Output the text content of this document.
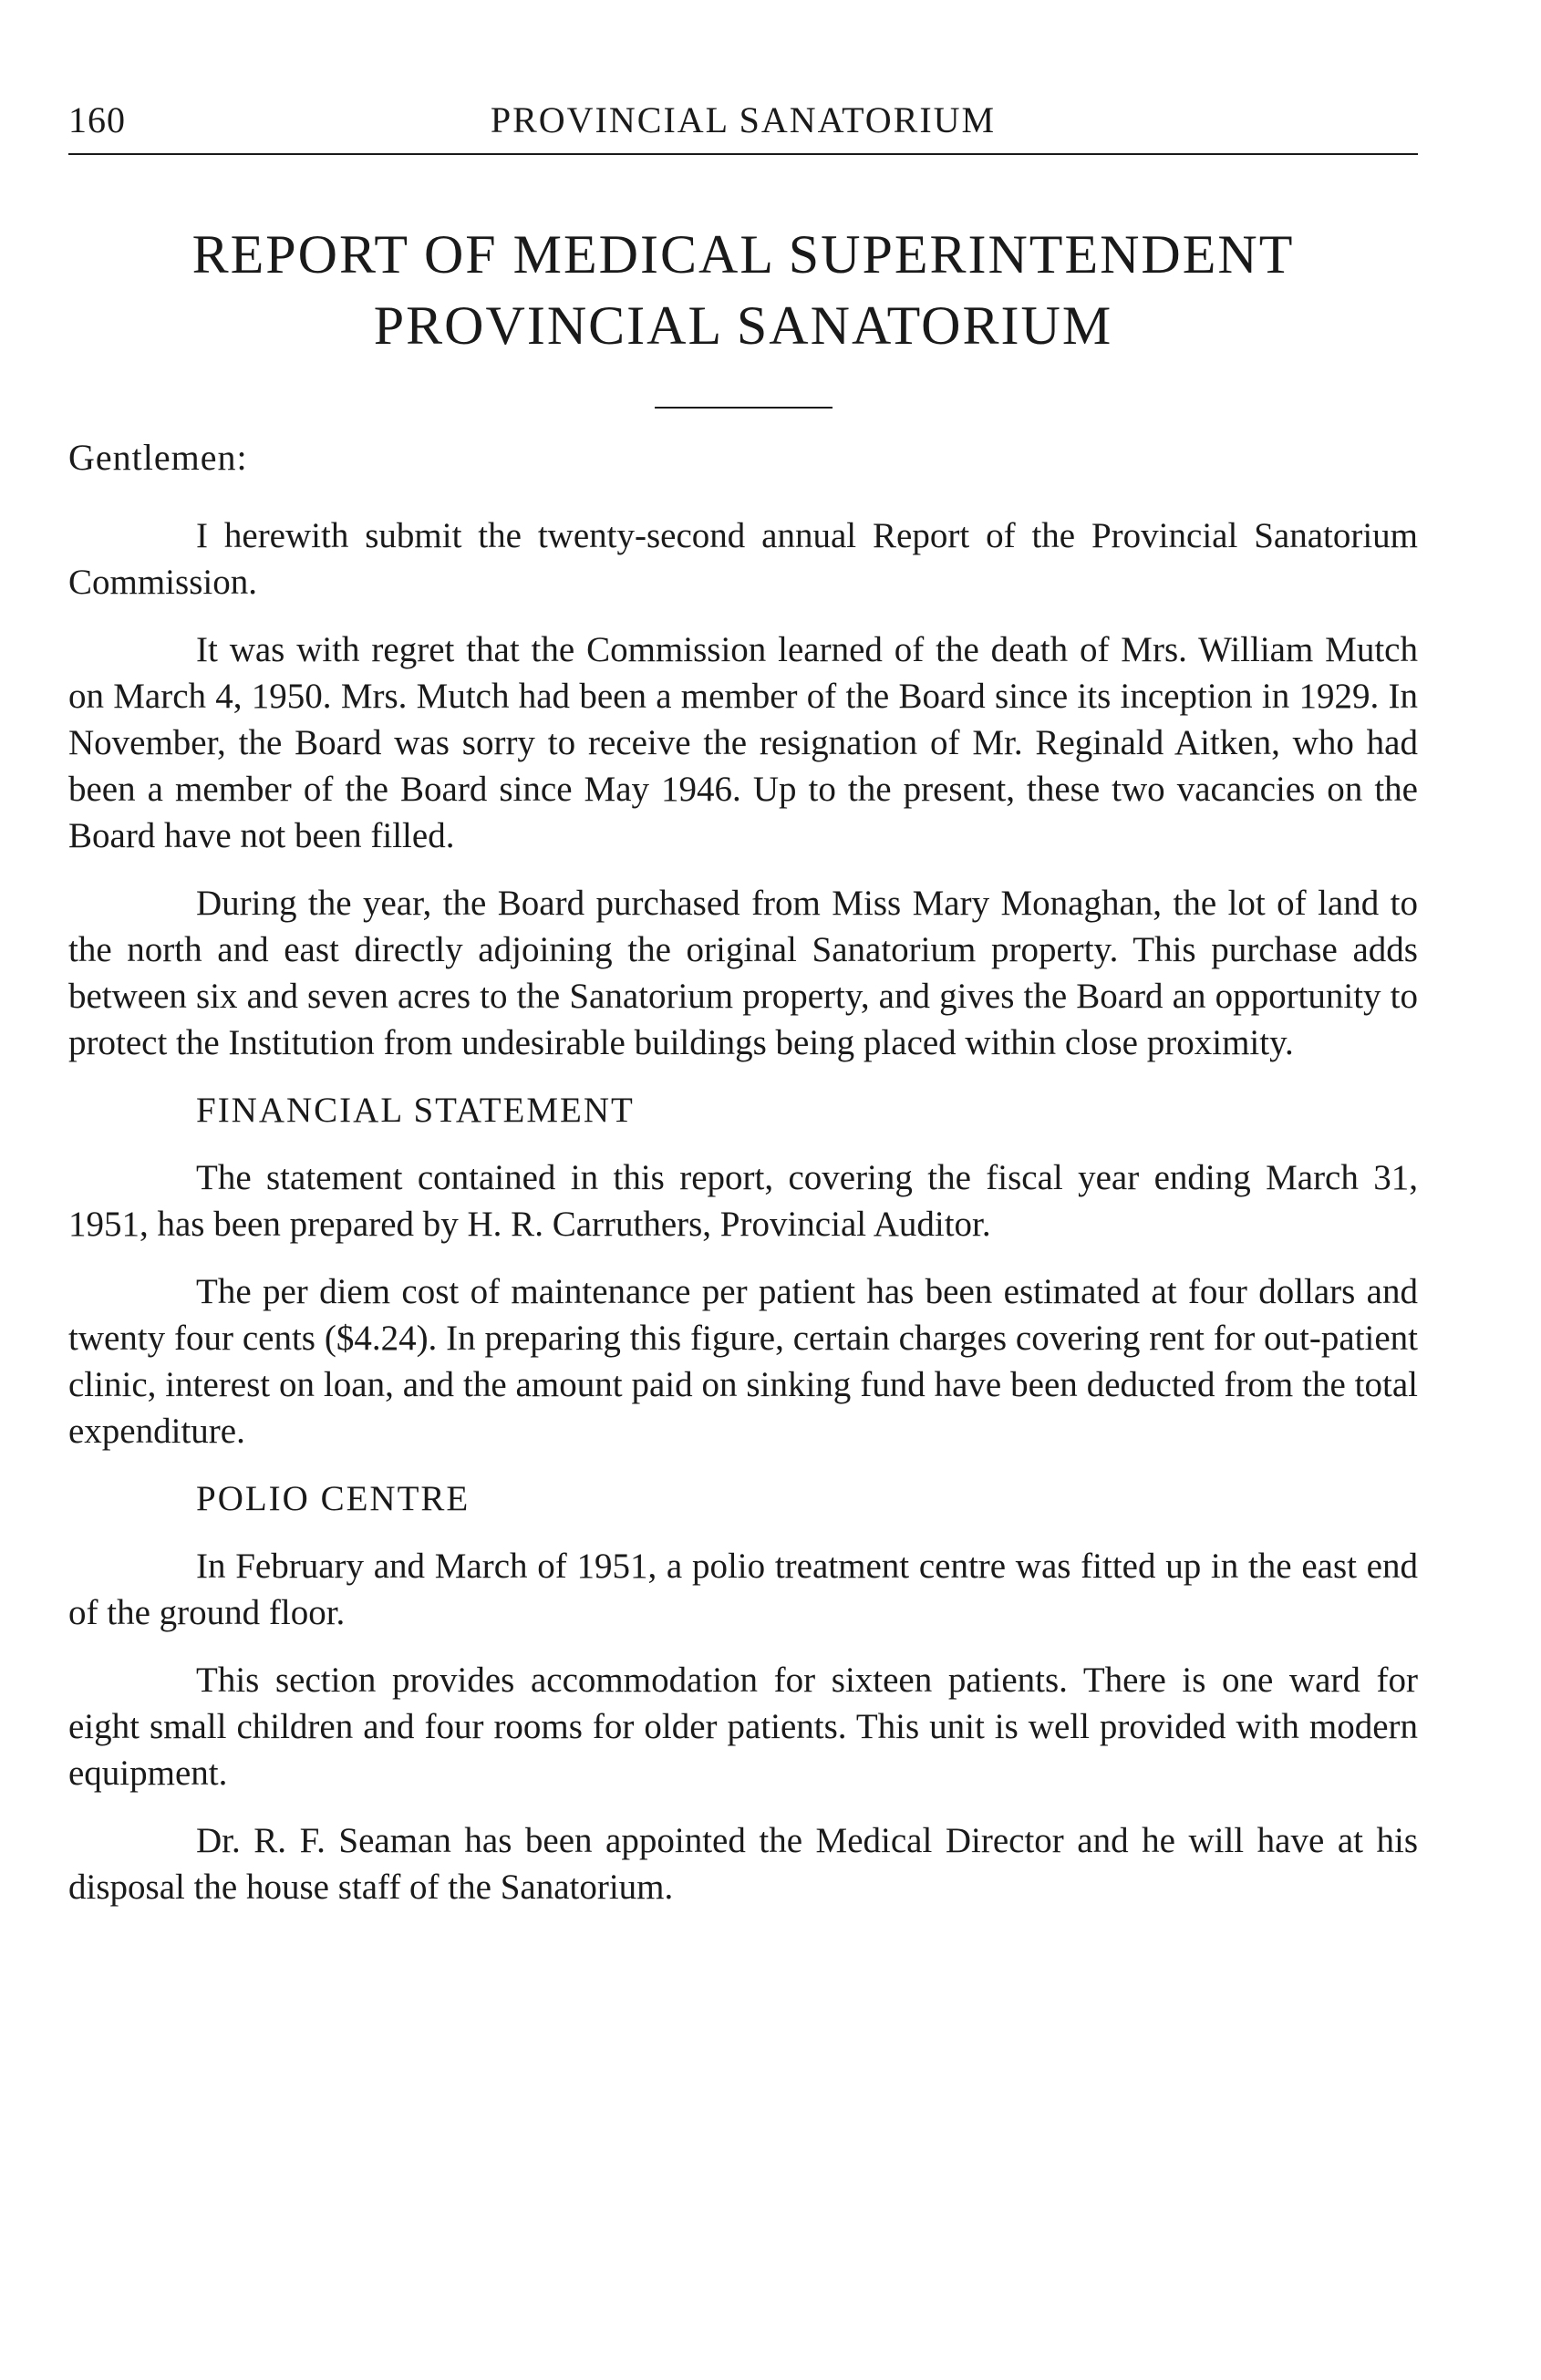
160	PROVINCIAL SANATORIUM
REPORT OF MEDICAL SUPERINTENDENT
PROVINCIAL SANATORIUM
Gentlemen:

I herewith submit the twenty-second annual Report of the Provincial Sanatorium Commission.

It was with regret that the Commission learned of the death of Mrs. William Mutch on March 4, 1950. Mrs. Mutch had been a member of the Board since its inception in 1929. In November, the Board was sorry to receive the resignation of Mr. Reginald Aitken, who had been a member of the Board since May 1946. Up to the present, these two vacancies on the Board have not been filled.

During the year, the Board purchased from Miss Mary Monaghan, the lot of land to the north and east directly adjoining the original Sanatorium property. This purchase adds between six and seven acres to the Sanatorium property, and gives the Board an opportunity to protect the Institution from undesirable buildings being placed within close proximity.

FINANCIAL STATEMENT

The statement contained in this report, covering the fiscal year ending March 31, 1951, has been prepared by H. R. Carruthers, Provincial Auditor.

The per diem cost of maintenance per patient has been estimated at four dollars and twenty four cents ($4.24). In preparing this figure, certain charges covering rent for out-patient clinic, interest on loan, and the amount paid on sinking fund have been deducted from the total expenditure.

POLIO CENTRE

In February and March of 1951, a polio treatment centre was fitted up in the east end of the ground floor.

This section provides accommodation for sixteen patients. There is one ward for eight small children and four rooms for older patients. This unit is well provided with modern equipment.

Dr. R. F. Seaman has been appointed the Medical Director and he will have at his disposal the house staff of the Sanatorium.
